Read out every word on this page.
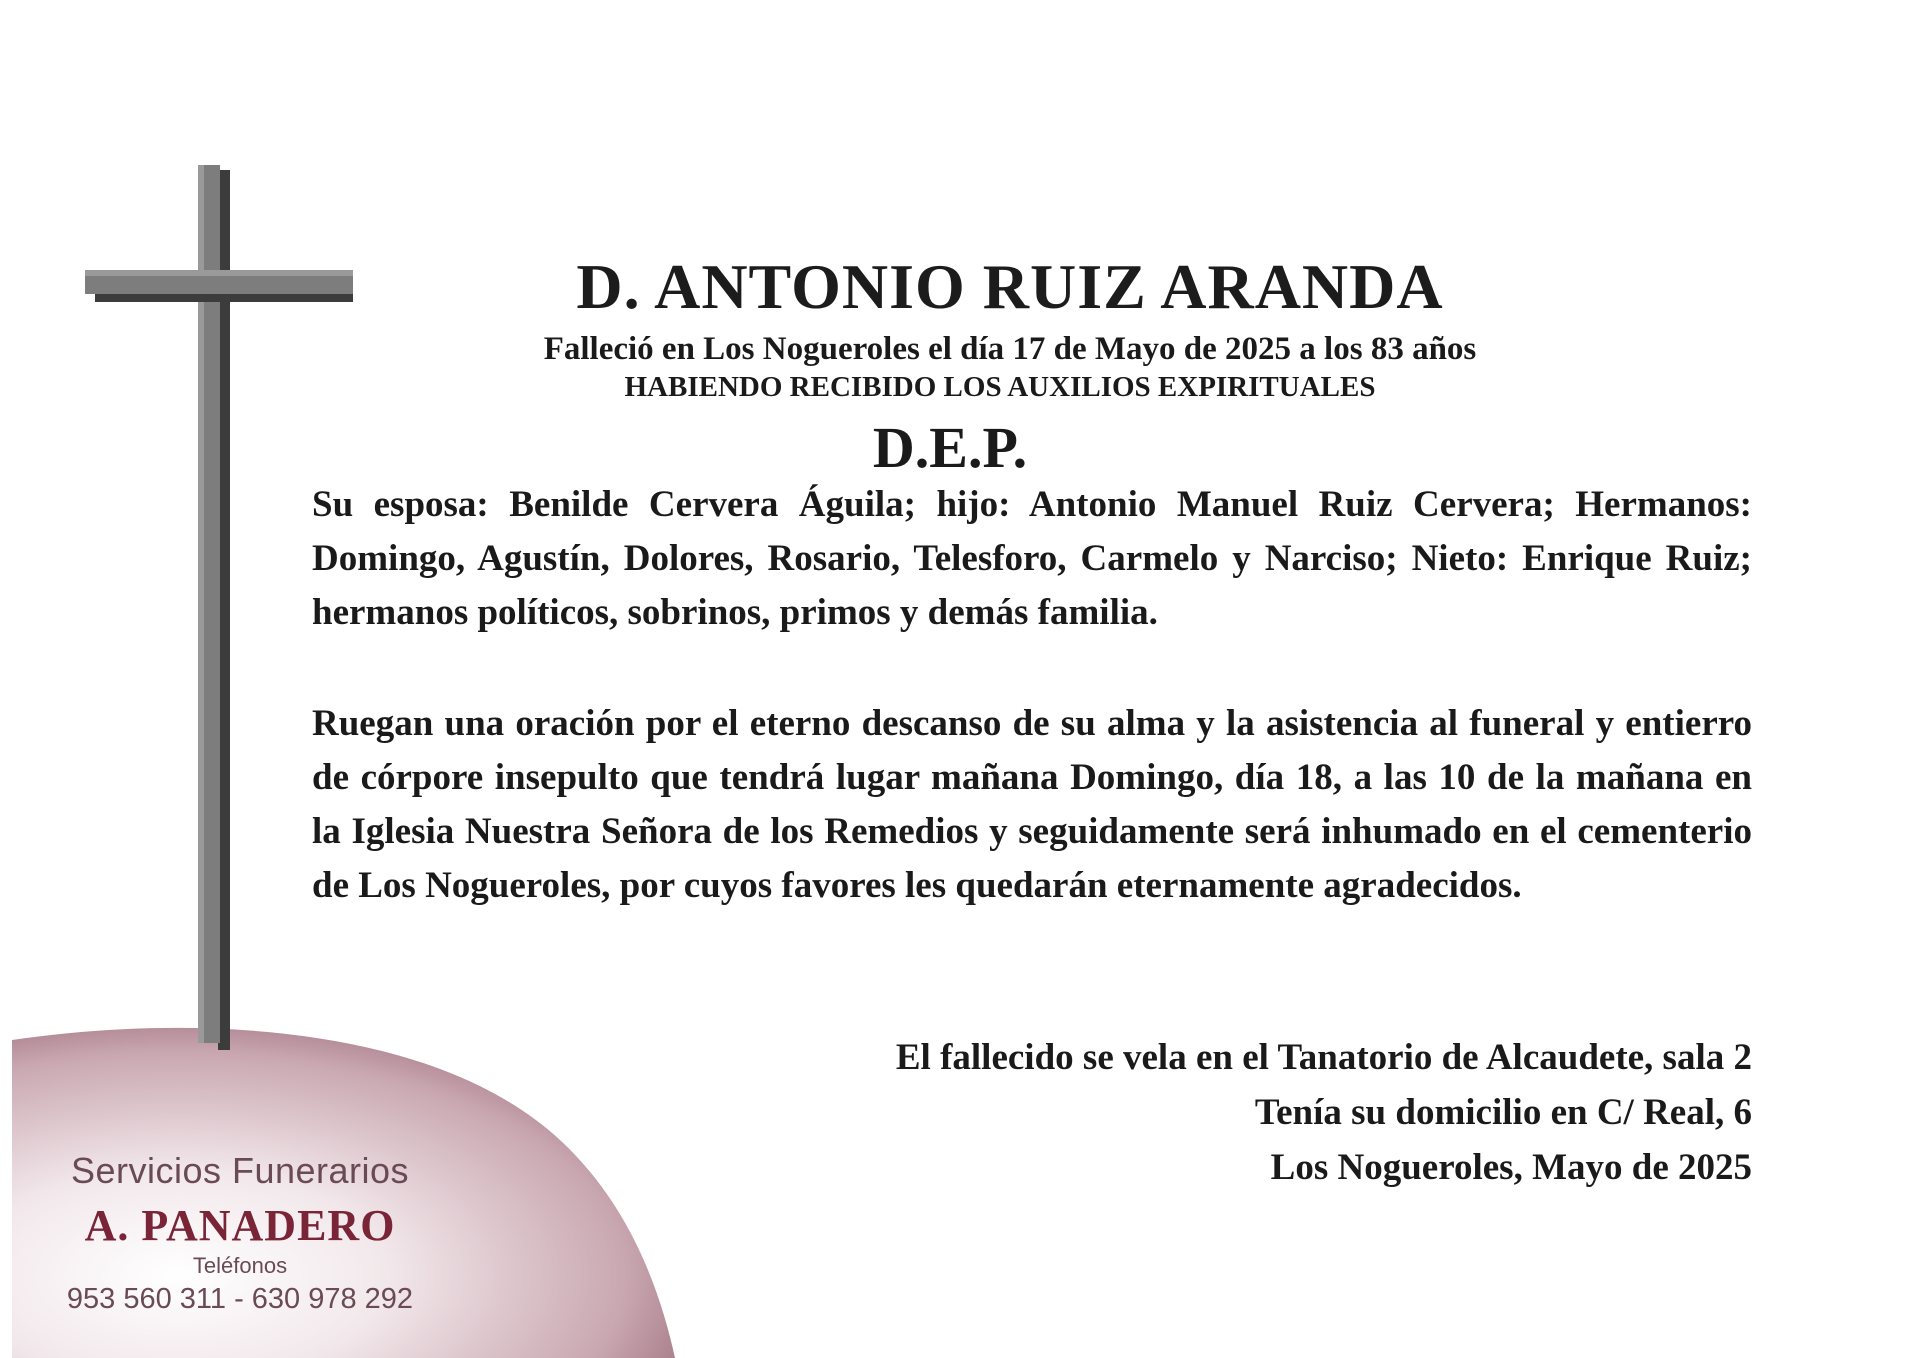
D. ANTONIO RUIZ ARANDA
Falleció en Los Nogueroles el día 17 de Mayo de 2025 a los 83 años
HABIENDO RECIBIDO LOS AUXILIOS EXPIRITUALES
D.E.P.
Su esposa: Benilde Cervera Águila; hijo: Antonio Manuel Ruiz Cervera; Hermanos: Domingo, Agustín, Dolores, Rosario, Telesforo, Carmelo y Narciso; Nieto: Enrique Ruiz; hermanos políticos, sobrinos, primos y demás familia.
Ruegan una oración por el eterno descanso de su alma y la asistencia al funeral y entierro de córpore insepulto que tendrá lugar mañana Domingo, día 18, a las 10 de la mañana en la Iglesia Nuestra Señora de los Remedios y seguidamente será inhumado en el cementerio de Los Nogueroles, por cuyos favores les quedarán eternamente agradecidos.
El fallecido se vela en el Tanatorio de Alcaudete, sala 2
Tenía su domicilio en C/ Real, 6
Los Nogueroles, Mayo de 2025
Servicios Funerarios
A. PANADERO
Teléfonos
953 560 311 - 630 978 292
